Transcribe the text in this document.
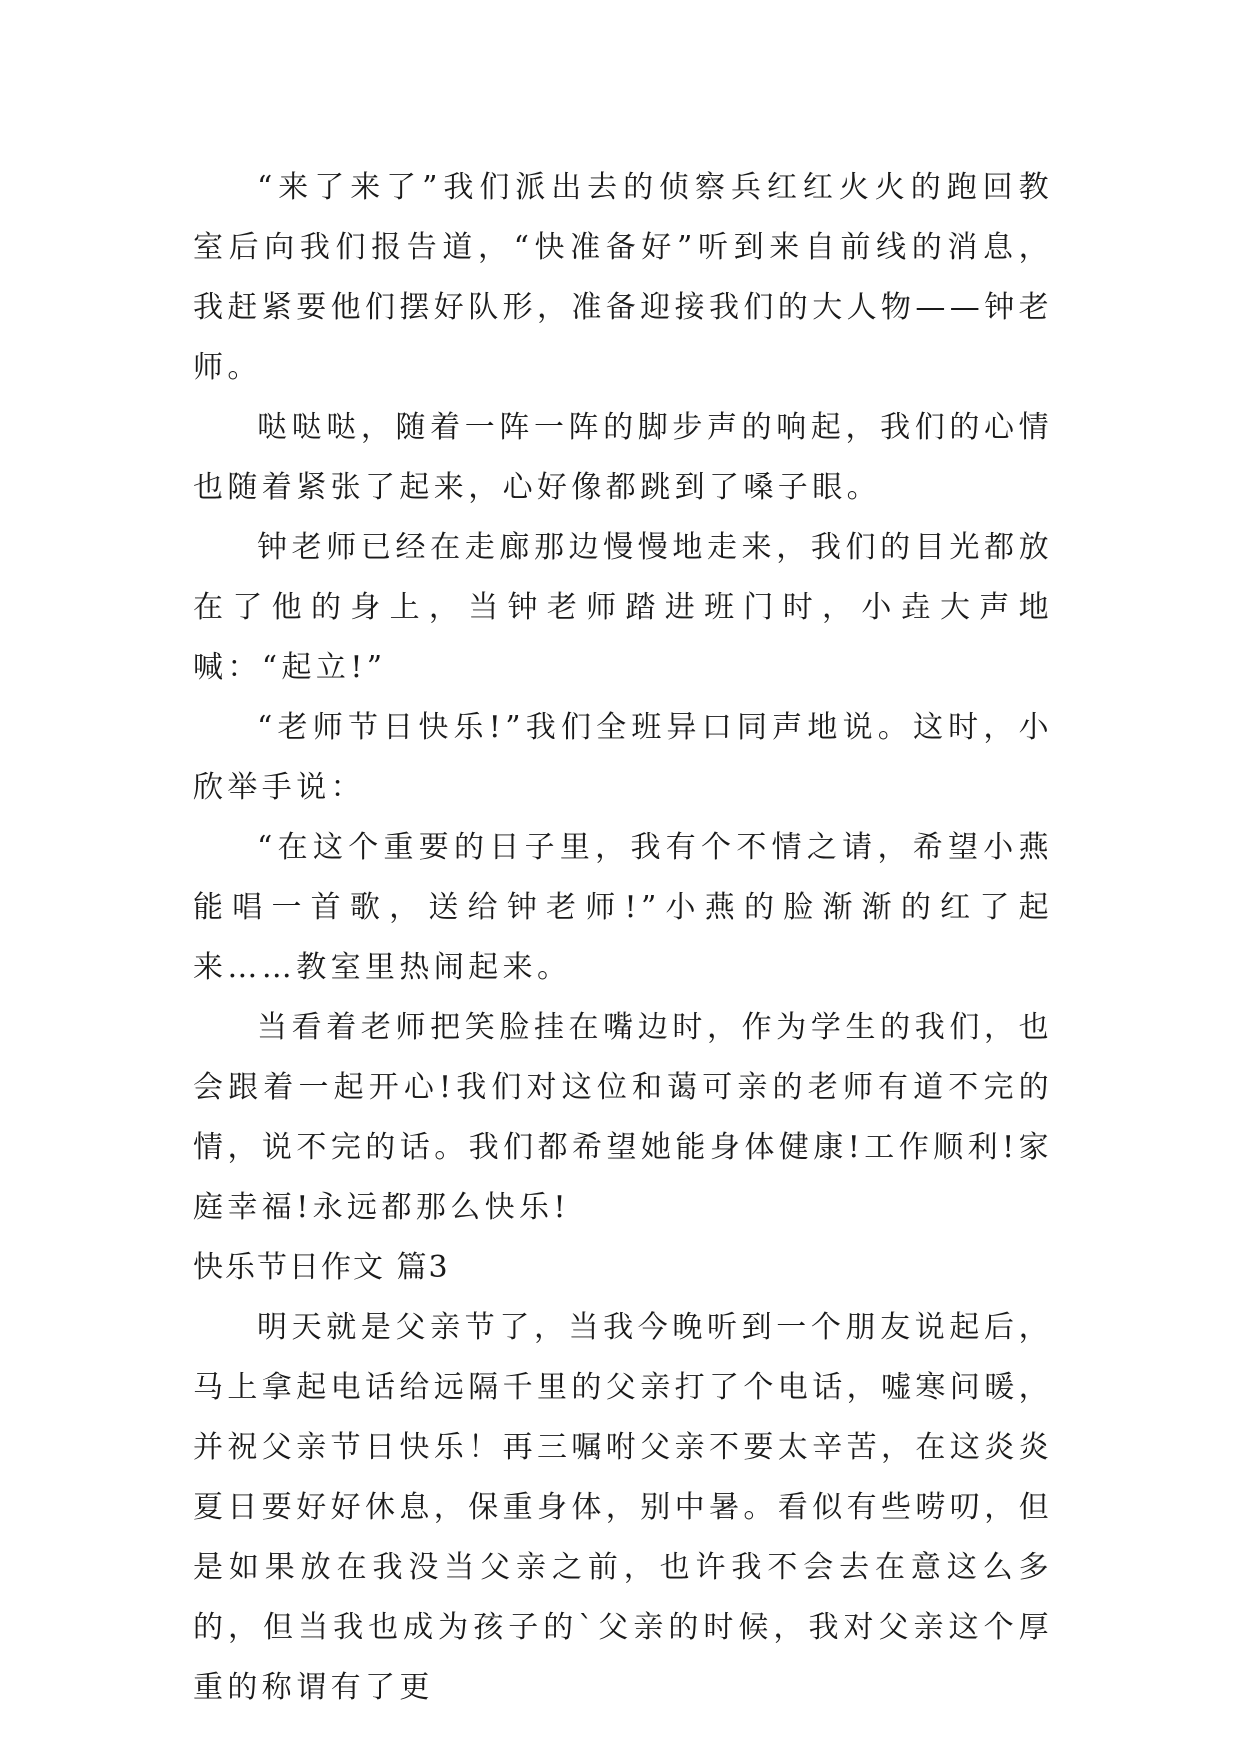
“来了来了”我们派出去的侦察兵红红火火的跑回教室后向我们报告道，“快准备好”听到来自前线的消息，我赶紧要他们摆好队形，准备迎接我们的大人物——钟老师。

哒哒哒，随着一阵一阵的脚步声的响起，我们的心情也随着紧张了起来，心好像都跳到了嗓子眼。

钟老师已经在走廊那边慢慢地走来，我们的目光都放在了他的身上，当钟老师踏进班门时，小垚大声地喊：“起立!”

“老师节日快乐!”我们全班异口同声地说。这时，小欣举手说：

“在这个重要的日子里，我有个不情之请，希望小燕能唱一首歌，送给钟老师!”小燕的脸渐渐的红了起来……教室里热闹起来。

当看着老师把笑脸挂在嘴边时，作为学生的我们，也会跟着一起开心!我们对这位和蔼可亲的老师有道不完的情，说不完的话。我们都希望她能身体健康!工作顺利!家庭幸福!永远都那么快乐!

快乐节日作文 篇3

明天就是父亲节了，当我今晚听到一个朋友说起后，马上拿起电话给远隔千里的父亲打了个电话，嘘寒问暖，并祝父亲节日快乐！再三嘱咐父亲不要太辛苦，在这炎炎夏日要好好休息，保重身体，别中暑。看似有些唠叨，但是如果放在我没当父亲之前，也许我不会去在意这么多的，但当我也成为孩子的`父亲的时候，我对父亲这个厚重的称谓有了更
